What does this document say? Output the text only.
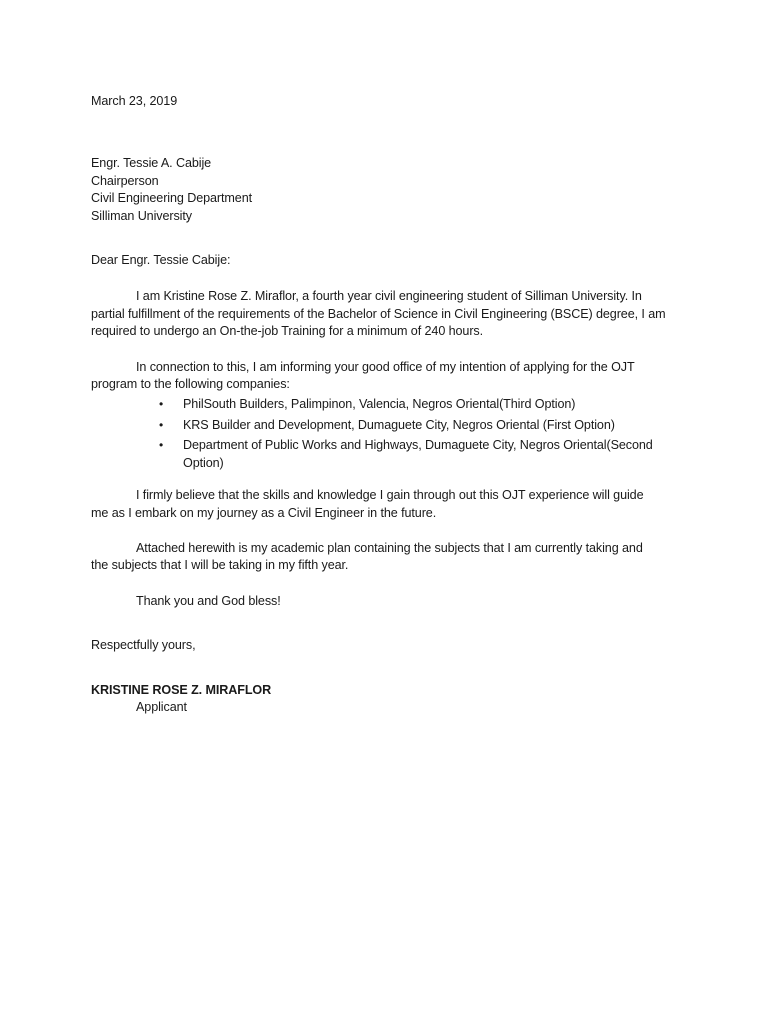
March 23, 2019
Engr. Tessie A. Cabije
Chairperson
Civil Engineering Department
Silliman University
Dear Engr. Tessie Cabije:
I am Kristine Rose Z. Miraflor, a fourth year civil engineering student of Silliman University. In
partial fulfillment of the requirements of the Bachelor of Science in Civil Engineering (BSCE) degree, I am
required to undergo an On-the-job Training for a minimum of 240 hours.
In connection to this, I am informing your good office of my intention of applying for the OJT
program to the following companies:
• PhilSouth Builders, Palimpinon, Valencia, Negros Oriental(Third Option)
• KRS Builder and Development, Dumaguete City, Negros Oriental (First Option)
• Department of Public Works and Highways, Dumaguete City, Negros Oriental(Second
Option)
I firmly believe that the skills and knowledge I gain through out this OJT experience will guide
me as I embark on my journey as a Civil Engineer in the future.
Attached herewith is my academic plan containing the subjects that I am currently taking and
the subjects that I will be taking in my fifth year.
Thank you and God bless!
Respectfully yours,
KRISTINE ROSE Z. MIRAFLOR
Applicant
